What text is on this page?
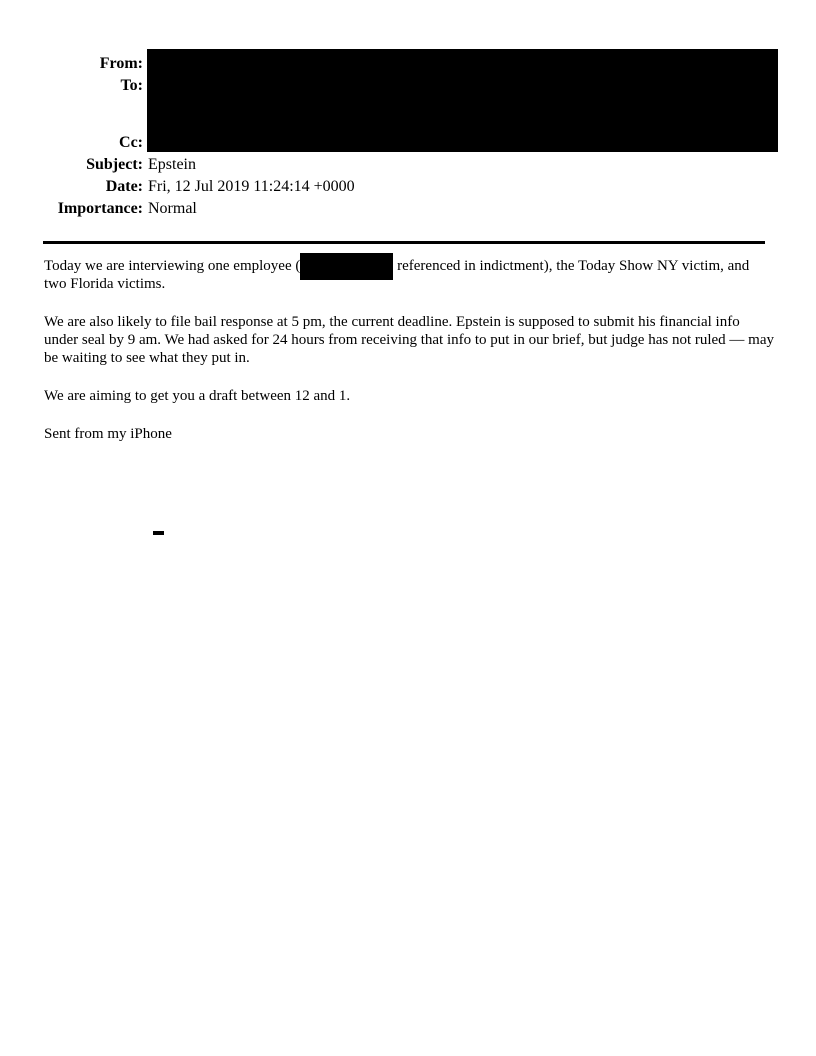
From:
To:
Cc:
Subject: Epstein
Date: Fri, 12 Jul 2019 11:24:14 +0000
Importance: Normal

Today we are interviewing one employee (	referenced in indictment), the Today Show NY victim, and two Florida victims.

We are also likely to file bail response at 5 pm, the current deadline. Epstein is supposed to submit his financial info under seal by 9 am. We had asked for 24 hours from receiving that info to put in our brief, but judge has not ruled — may be waiting to see what they put in.

We are aiming to get you a draft between 12 and 1.

Sent from my iPhone
